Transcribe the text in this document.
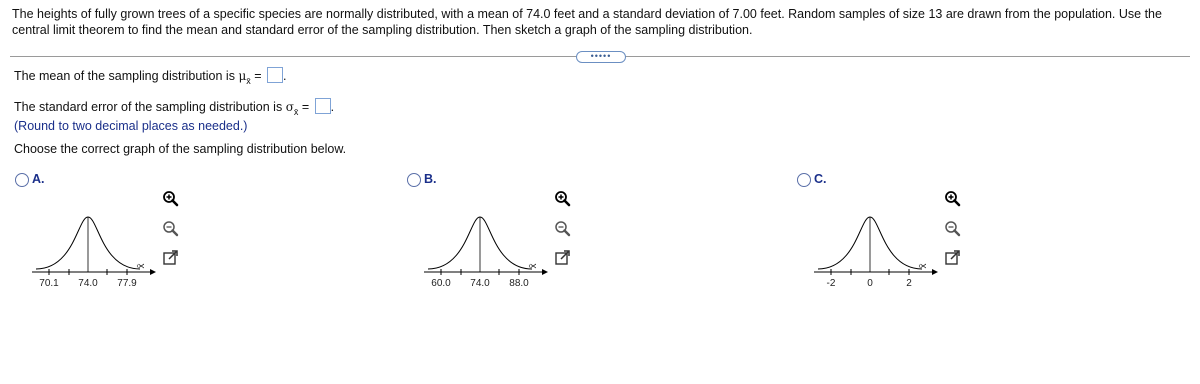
The heights of fully grown trees of a specific species are normally distributed, with a mean of 74.0 feet and a standard deviation of 7.00 feet. Random samples of size 13 are drawn from the population. Use the central limit theorem to find the mean and standard error of the sampling distribution. Then sketch a graph of the sampling distribution.
•••••
The mean of the sampling distribution is $\mu_{x̄}$ = .
The standard error of the sampling distribution is $\sigma_{x̄}$ = .
(Round to two decimal places as needed.)
Choose the correct graph of the sampling distribution below.
A.
70.1 74.0 77.9
x̄
B.
60.0 74.0 88.0
x̄
C.
-2	0	2
x̄
